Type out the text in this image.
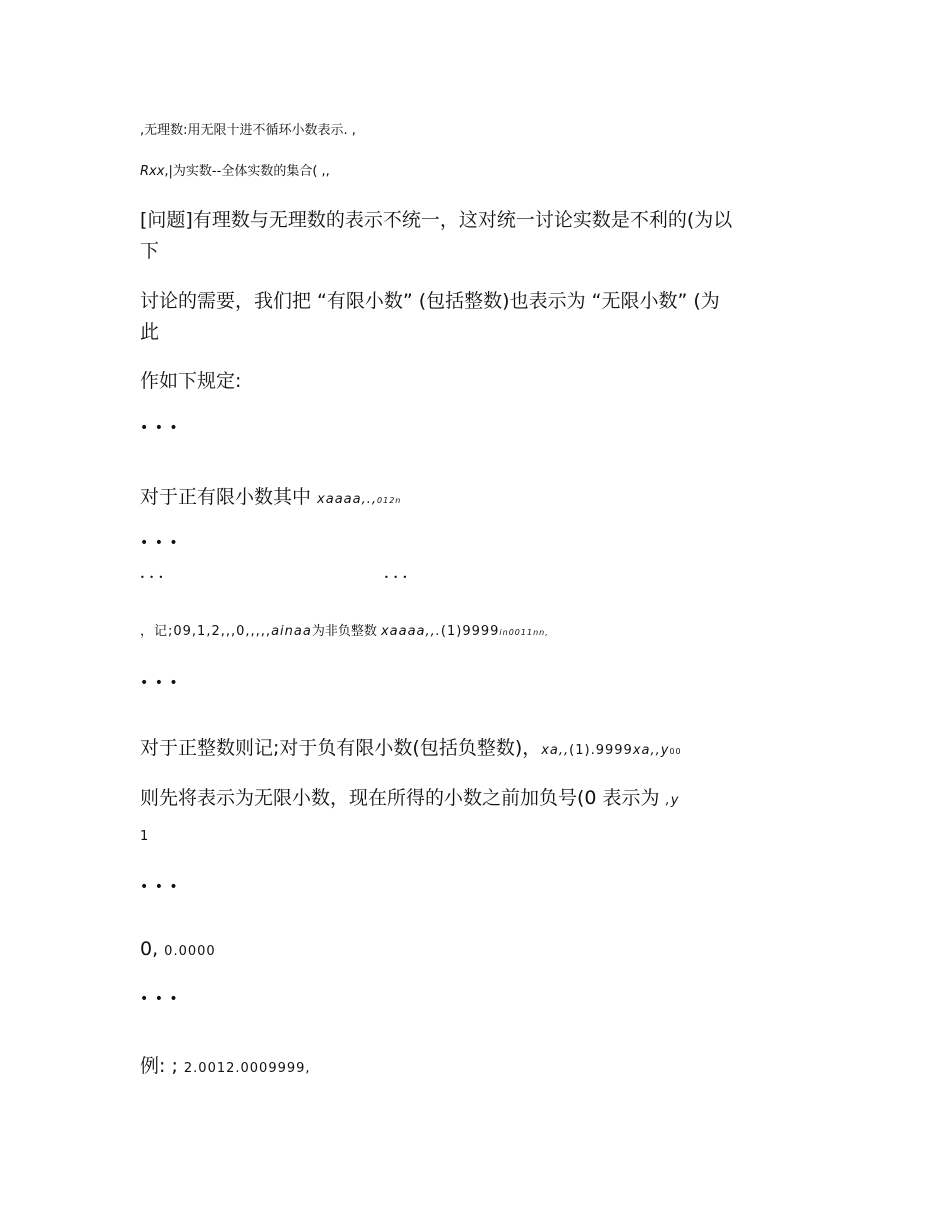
,无理数:用无限十进不循环小数表示. ,
Rxx,|为实数--全体实数的集合( ,,
[问题]有理数与无理数的表示不统一，这对统一讨论实数是不利的(为以
下
讨论的需要，我们把 “有限小数” (包括整数)也表示为 “无限小数” (为
此
作如下规定:
• • •
对于正有限小数其中 xaaaa,.,012n
• • •
• • •	• • •
，记;09,1,2,,,0,,,,,ainaa为非负整数 xaaaa,,.(1)9999in0011nn,
• • •
对于正整数则记;对于负有限小数(包括负整数)，xa,,(1).9999xa,,y00
则先将表示为无限小数，现在所得的小数之前加负号(0 表示为 ,y
1
• • •
0, 0.0000
• • •
例: ; 2.0012.0009999,
